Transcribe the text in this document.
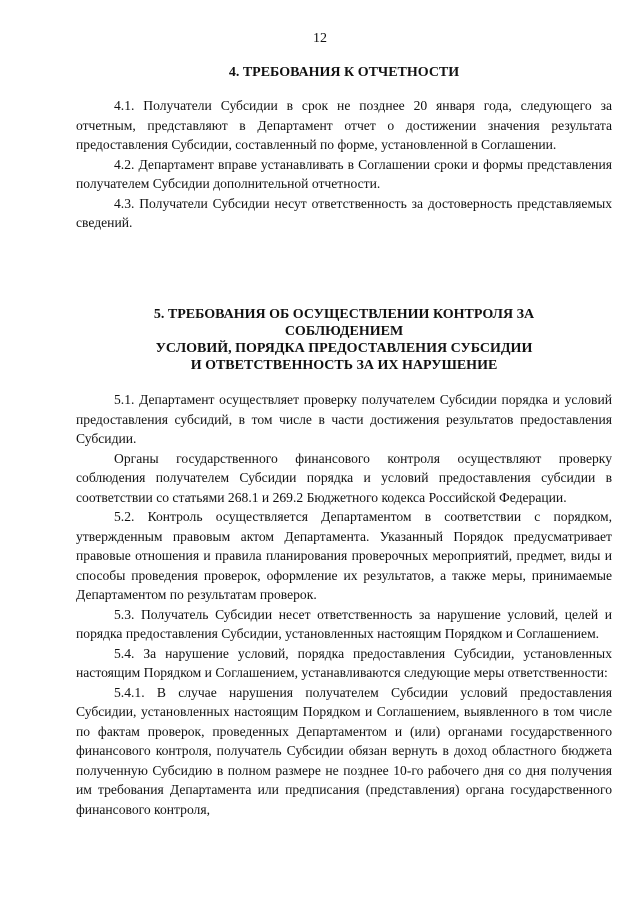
12
4. ТРЕБОВАНИЯ К ОТЧЕТНОСТИ

4.1. Получатели Субсидии в срок не позднее 20 января года, следующего за отчетным, представляют в Департамент отчет о достижении значения результата предоставления Субсидии, составленный по форме, установленной в Соглашении.

4.2. Департамент вправе устанавливать в Соглашении сроки и формы представления получателем Субсидии дополнительной отчетности.

4.3. Получатели Субсидии несут ответственность за достоверность представляемых сведений.

5. ТРЕБОВАНИЯ ОБ ОСУЩЕСТВЛЕНИИ КОНТРОЛЯ ЗА
СОБЛЮДЕНИЕМ
УСЛОВИЙ, ПОРЯДКА ПРЕДОСТАВЛЕНИЯ СУБСИДИИ
И ОТВЕТСТВЕННОСТЬ ЗА ИХ НАРУШЕНИЕ

5.1. Департамент осуществляет проверку получателем Субсидии порядка и условий предоставления субсидий, в том числе в части достижения результатов предоставления Субсидии.

Органы государственного финансового контроля осуществляют проверку соблюдения получателем Субсидии порядка и условий предоставления субсидии в соответствии со статьями 268.1 и 269.2 Бюджетного кодекса Российской Федерации.

5.2. Контроль осуществляется Департаментом в соответствии с порядком, утвержденным правовым актом Департамента. Указанный Порядок предусматривает правовые отношения и правила планирования проверочных мероприятий, предмет, виды и способы проведения проверок, оформление их результатов, а также меры, принимаемые Департаментом по результатам проверок.

5.3. Получатель Субсидии несет ответственность за нарушение условий, целей и порядка предоставления Субсидии, установленных настоящим Порядком и Соглашением.

5.4. За нарушение условий, порядка предоставления Субсидии, установленных настоящим Порядком и Соглашением, устанавливаются следующие меры ответственности:

5.4.1. В случае нарушения получателем Субсидии условий предоставления Субсидии, установленных настоящим Порядком и Соглашением, выявленного в том числе по фактам проверок, проведенных Департаментом и (или) органами государственного финансового контроля, получатель Субсидии обязан вернуть в доход областного бюджета полученную Субсидию в полном размере не позднее 10-го рабочего дня со дня получения им требования Департамента или предписания (представления) органа государственного финансового контроля,
